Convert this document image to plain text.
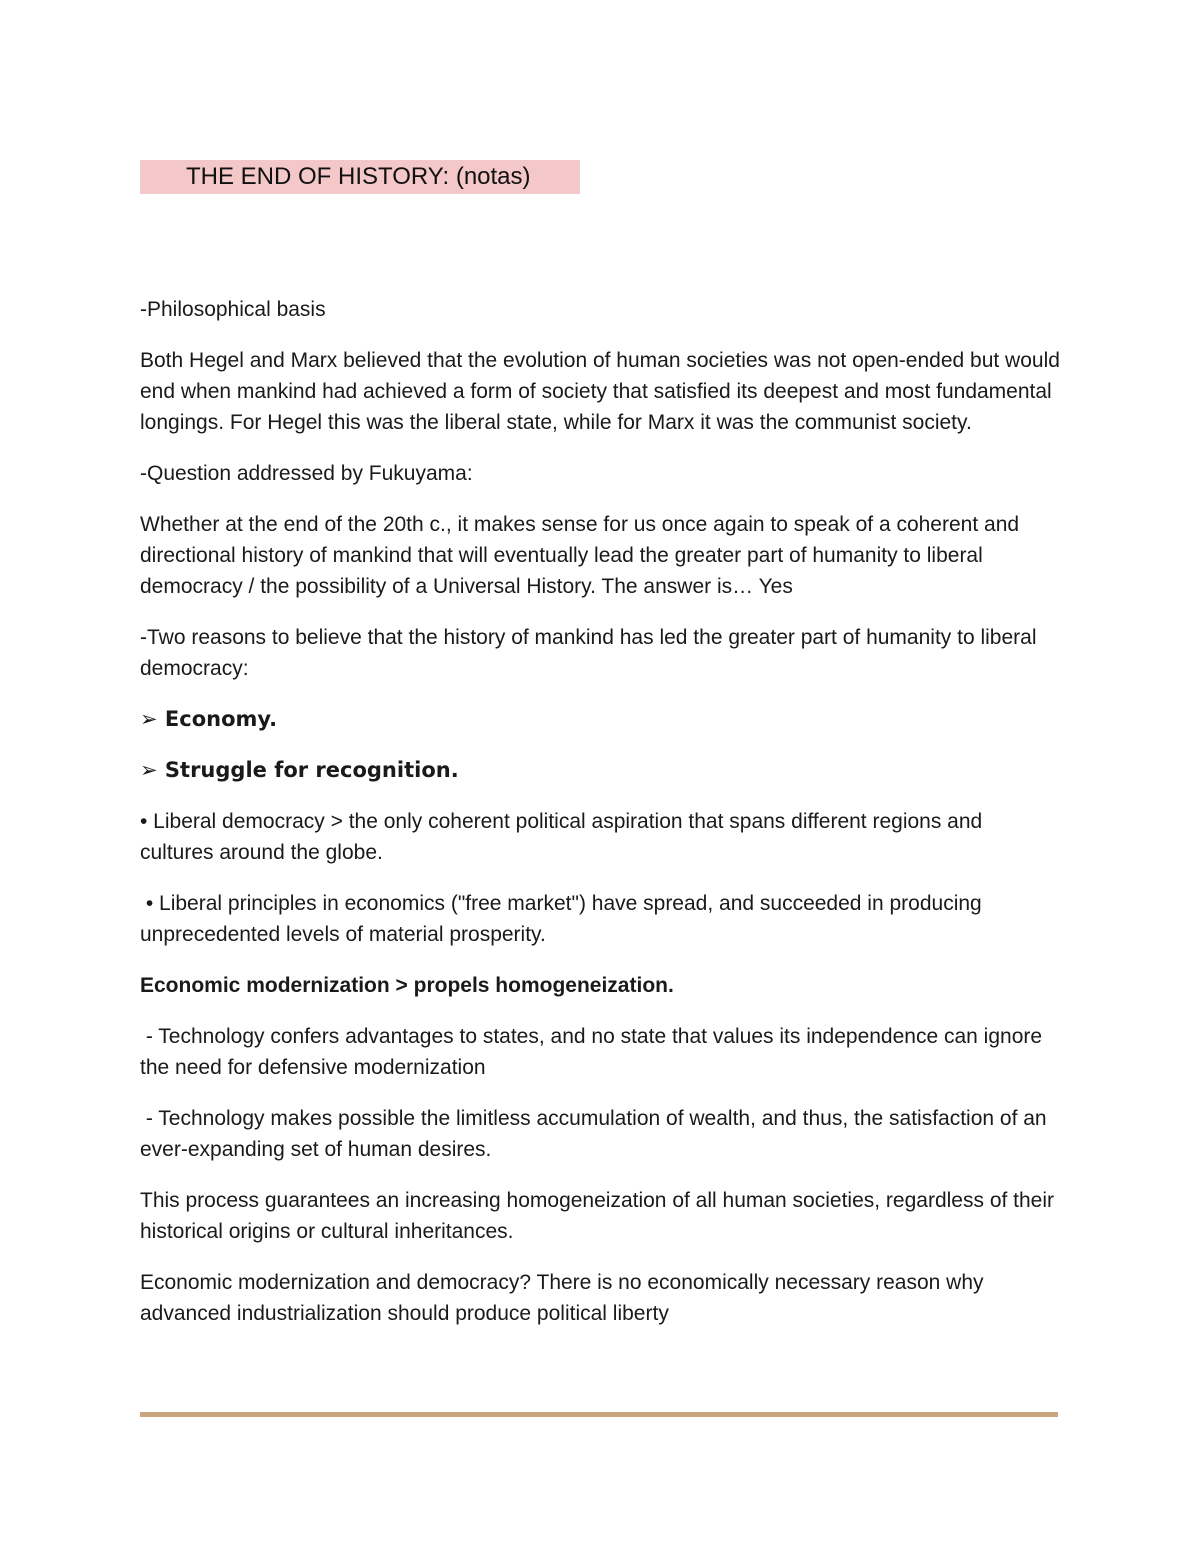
THE END OF HISTORY: (notas)

-Philosophical basis

Both Hegel and Marx believed that the evolution of human societies was not open-ended but would end when mankind had achieved a form of society that satisfied its deepest and most fundamental longings. For Hegel this was the liberal state, while for Marx it was the communist society.

-Question addressed by Fukuyama:

Whether at the end of the 20th c., it makes sense for us once again to speak of a coherent and directional history of mankind that will eventually lead the greater part of humanity to liberal democracy / the possibility of a Universal History. The answer is… Yes

-Two reasons to believe that the history of mankind has led the greater part of humanity to liberal democracy:

➢ Economy.

➢ Struggle for recognition.

• Liberal democracy > the only coherent political aspiration that spans different regions and cultures around the globe.

• Liberal principles in economics ("free market") have spread, and succeeded in producing unprecedented levels of material prosperity.

Economic modernization > propels homogeneization.

- Technology confers advantages to states, and no state that values its independence can ignore the need for defensive modernization

- Technology makes possible the limitless accumulation of wealth, and thus, the satisfaction of an ever-expanding set of human desires.

This process guarantees an increasing homogeneization of all human societies, regardless of their historical origins or cultural inheritances.

Economic modernization and democracy? There is no economically necessary reason why advanced industrialization should produce political liberty
